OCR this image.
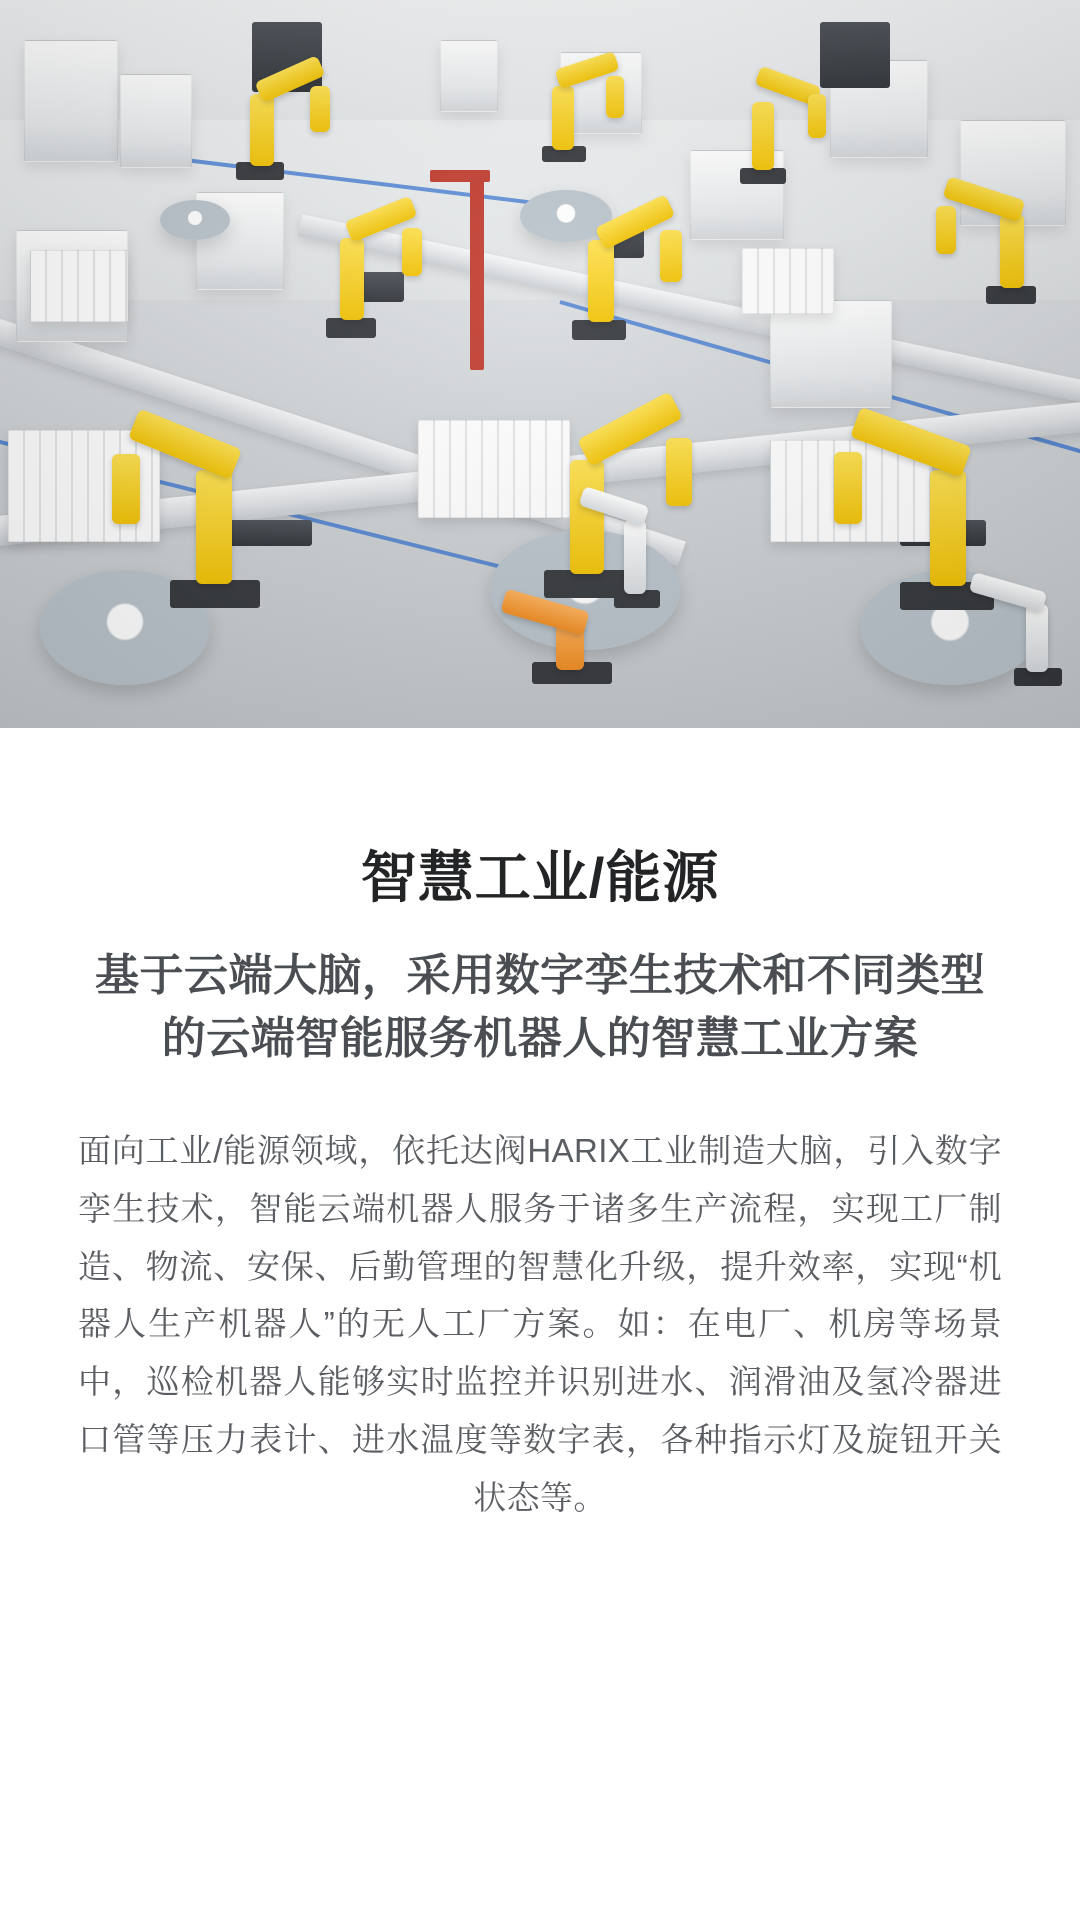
智慧工业/能源
基于云端大脑，采用数字孪生技术和不同类型的云端智能服务机器人的智慧工业方案

面向工业/能源领域，依托达阀HARIX工业制造大脑，引入数字孪生技术，智能云端机器人服务于诸多生产流程，实现工厂制造、物流、安保、后勤管理的智慧化升级，提升效率，实现“机器人生产机器人”的无人工厂方案。如：在电厂、机房等场景中，巡检机器人能够实时监控并识别进水、润滑油及氢冷器进口管等压力表计、进水温度等数字表，各种指示灯及旋钮开关状态等。
